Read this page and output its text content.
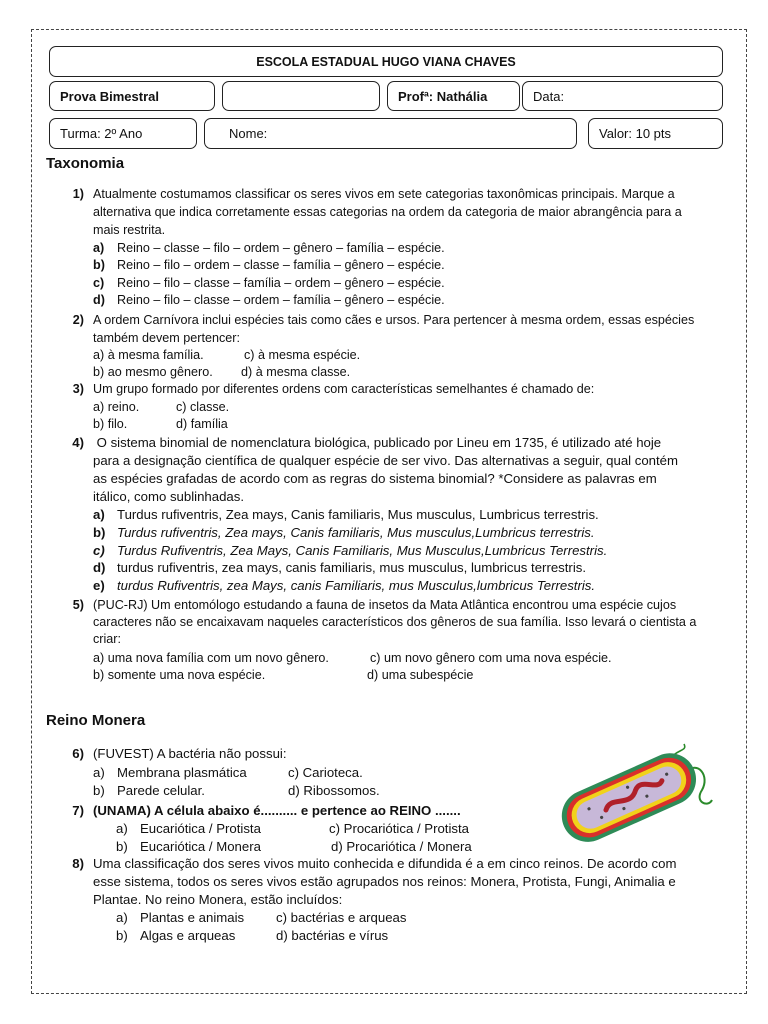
ESCOLA ESTADUAL HUGO VIANA CHAVES
Prova Bimestral	Profª: Nathália	Data:
Turma: 2º Ano	Nome:	Valor: 10 pts
Taxonomia
1) Atualmente costumamos classificar os seres vivos em sete categorias taxonômicas principais. Marque a
alternativa que indica corretamente essas categorias na ordem da categoria de maior abrangência para a
mais restrita.
a) Reino – classe – filo – ordem – gênero – família – espécie.
b) Reino – filo – ordem – classe – família – gênero – espécie.
c) Reino – filo – classe – família – ordem – gênero – espécie.
d) Reino – filo – classe – ordem – família – gênero – espécie.
2) A ordem Carnívora inclui espécies tais como cães e ursos. Para pertencer à mesma ordem, essas espécies
também devem pertencer:
a) à mesma família.	c) à mesma espécie.
b) ao mesmo gênero. d) à mesma classe.
3) Um grupo formado por diferentes ordens com características semelhantes é chamado de:
a) reino.	c) classe.
b) filo.	d) família
4) O sistema binomial de nomenclatura biológica, publicado por Lineu em 1735, é utilizado até hoje
para a designação científica de qualquer espécie de ser vivo. Das alternativas a seguir, qual contém
as espécies grafadas de acordo com as regras do sistema binomial? *Considere as palavras em
itálico, como sublinhadas.
a) Turdus rufiventris, Zea mays, Canis familiaris, Mus musculus, Lumbricus terrestris.
b) Turdus rufiventris, Zea mays, Canis familiaris, Mus musculus,Lumbricus terrestris.
c) Turdus Rufiventris, Zea Mays, Canis Familiaris, Mus Musculus,Lumbricus Terrestris.
d) turdus rufiventris, zea mays, canis familiaris, mus musculus, lumbricus terrestris.
e) turdus Rufiventris, zea Mays, canis Familiaris, mus Musculus,lumbricus Terrestris.
5) (PUC-RJ) Um entomólogo estudando a fauna de insetos da Mata Atlântica encontrou uma espécie cujos
caracteres não se encaixavam naqueles característicos dos gêneros de sua família. Isso levará o cientista a
criar:
a) uma nova família com um novo gênero.	c) um novo gênero com uma nova espécie.
b) somente uma nova espécie.	d) uma subespécie
Reino Monera
6) (FUVEST) A bactéria não possui:
a) Membrana plasmática	c) Carioteca.
b) Parede celular.	d) Ribossomos.
7) (UNAMA) A célula abaixo é.......... e pertence ao REINO .......
a) Eucariótica / Protista	c) Procariótica / Protista
b) Eucariótica / Monera	d) Procariótica / Monera
8) Uma classificação dos seres vivos muito conhecida e difundida é a em cinco reinos. De acordo com
esse sistema, todos os seres vivos estão agrupados nos reinos: Monera, Protista, Fungi, Animalia e
Plantae. No reino Monera, estão incluídos:
a) Plantas e animais c) bactérias e arqueas
b) Algas e arqueas	d) bactérias e vírus
